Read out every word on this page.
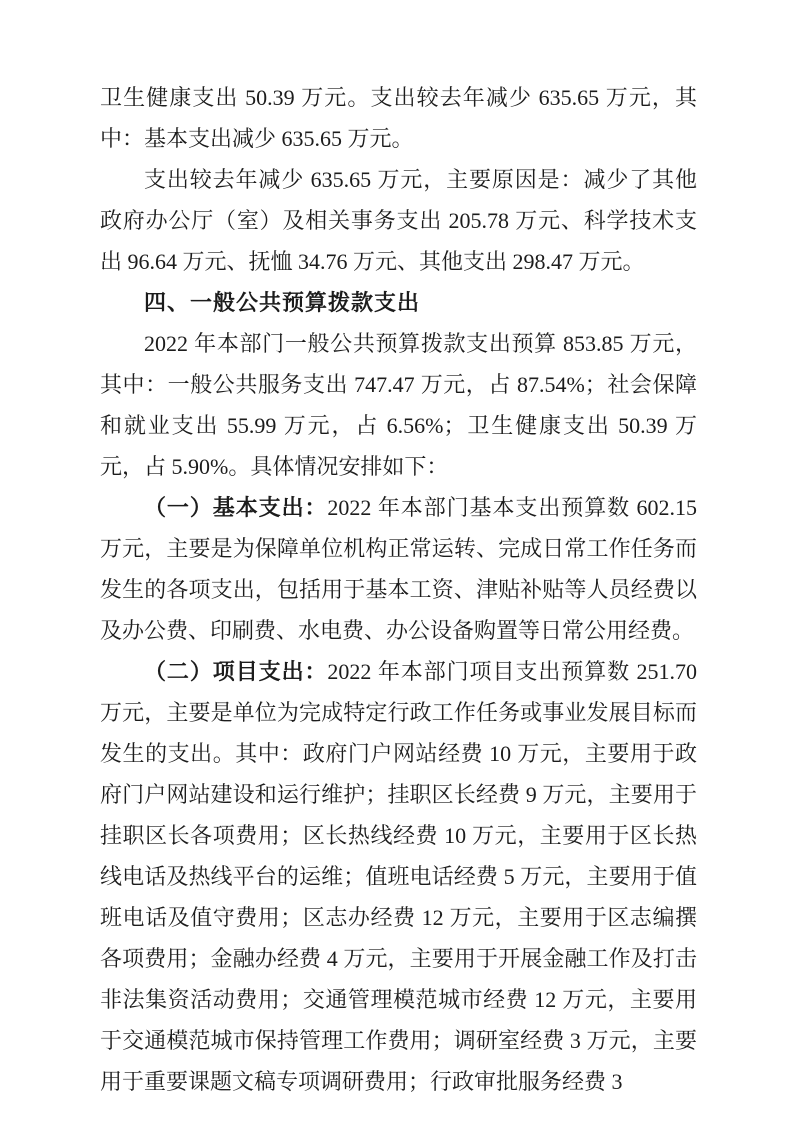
卫生健康支出 50.39 万元。支出较去年减少 635.65 万元，其中：基本支出减少 635.65 万元。

支出较去年减少 635.65 万元，主要原因是：减少了其他政府办公厅（室）及相关事务支出 205.78 万元、科学技术支出 96.64 万元、抚恤 34.76 万元、其他支出 298.47 万元。

四、一般公共预算拨款支出

2022 年本部门一般公共预算拨款支出预算 853.85 万元，其中：一般公共服务支出 747.47 万元，占 87.54%；社会保障和就业支出 55.99 万元，占 6.56%；卫生健康支出 50.39 万元，占 5.90%。具体情况安排如下：

（一）基本支出：2022 年本部门基本支出预算数 602.15 万元，主要是为保障单位机构正常运转、完成日常工作任务而发生的各项支出，包括用于基本工资、津贴补贴等人员经费以及办公费、印刷费、水电费、办公设备购置等日常公用经费。

（二）项目支出：2022 年本部门项目支出预算数 251.70 万元，主要是单位为完成特定行政工作任务或事业发展目标而发生的支出。其中：政府门户网站经费 10 万元，主要用于政府门户网站建设和运行维护；挂职区长经费 9 万元，主要用于挂职区长各项费用；区长热线经费 10 万元，主要用于区长热线电话及热线平台的运维；值班电话经费 5 万元，主要用于值班电话及值守费用；区志办经费 12 万元，主要用于区志编撰各项费用；金融办经费 4 万元，主要用于开展金融工作及打击非法集资活动费用；交通管理模范城市经费 12 万元，主要用于交通模范城市保持管理工作费用；调研室经费 3 万元，主要用于重要课题文稿专项调研费用；行政审批服务经费 3
